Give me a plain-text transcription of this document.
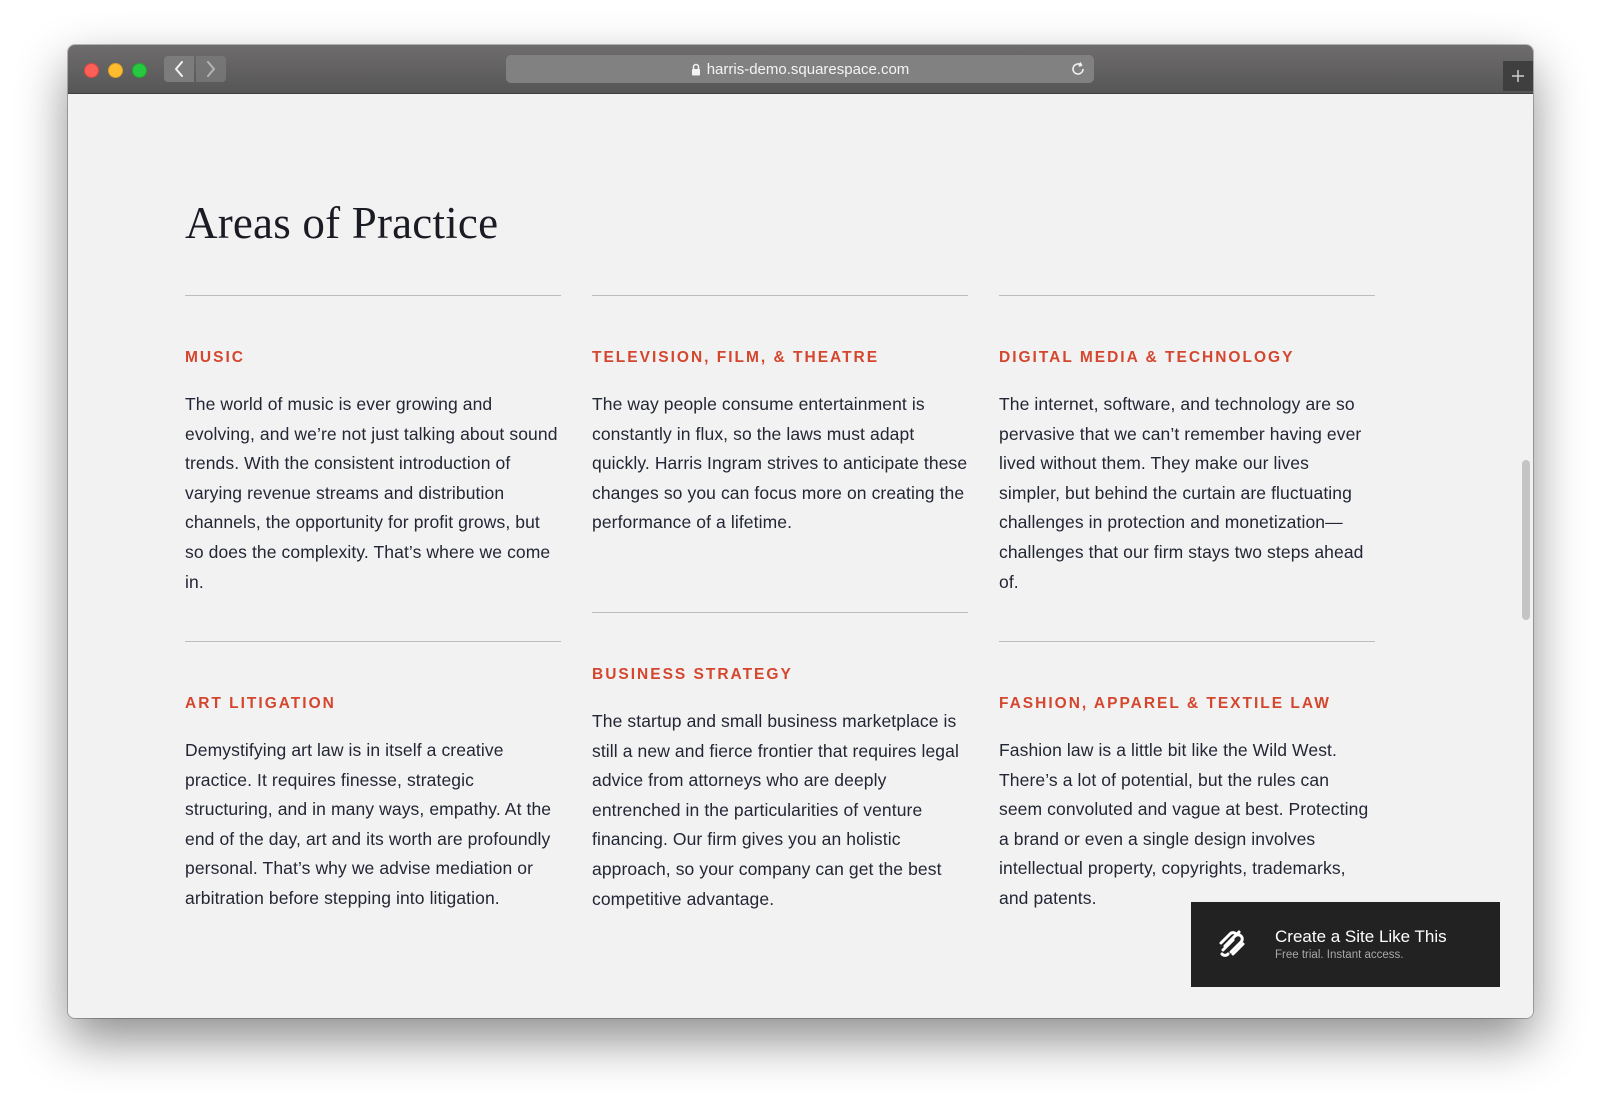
harris-demo.squarespace.com
Areas of Practice
MUSIC

The world of music is ever growing and evolving, and we’re not just talking about sound trends. With the consistent introduction of varying revenue streams and distribution channels, the opportunity for profit grows, but so does the complexity. That’s where we come in.

TELEVISION, FILM, & THEATRE

The way people consume entertainment is constantly in flux, so the laws must adapt quickly. Harris Ingram strives to anticipate these changes so you can focus more on creating the performance of a lifetime.

DIGITAL MEDIA & TECHNOLOGY

The internet, software, and technology are so pervasive that we can’t remember having ever lived without them. They make our lives simpler, but behind the curtain are fluctuating challenges in protection and monetization—challenges that our firm stays two steps ahead of.

ART LITIGATION

Demystifying art law is in itself a creative practice. It requires finesse, strategic structuring, and in many ways, empathy. At the end of the day, art and its worth are profoundly personal. That’s why we advise mediation or arbitration before stepping into litigation.

BUSINESS STRATEGY

The startup and small business marketplace is still a new and fierce frontier that requires legal advice from attorneys who are deeply entrenched in the particularities of venture financing. Our firm gives you an holistic approach, so your company can get the best competitive advantage.

FASHION, APPAREL & TEXTILE LAW

Fashion law is a little bit like the Wild West. There’s a lot of potential, but the rules can seem convoluted and vague at best. Protecting a brand or even a single design involves intellectual property, copyrights, trademarks, and patents.

Create a Site Like This
Free trial. Instant access.
